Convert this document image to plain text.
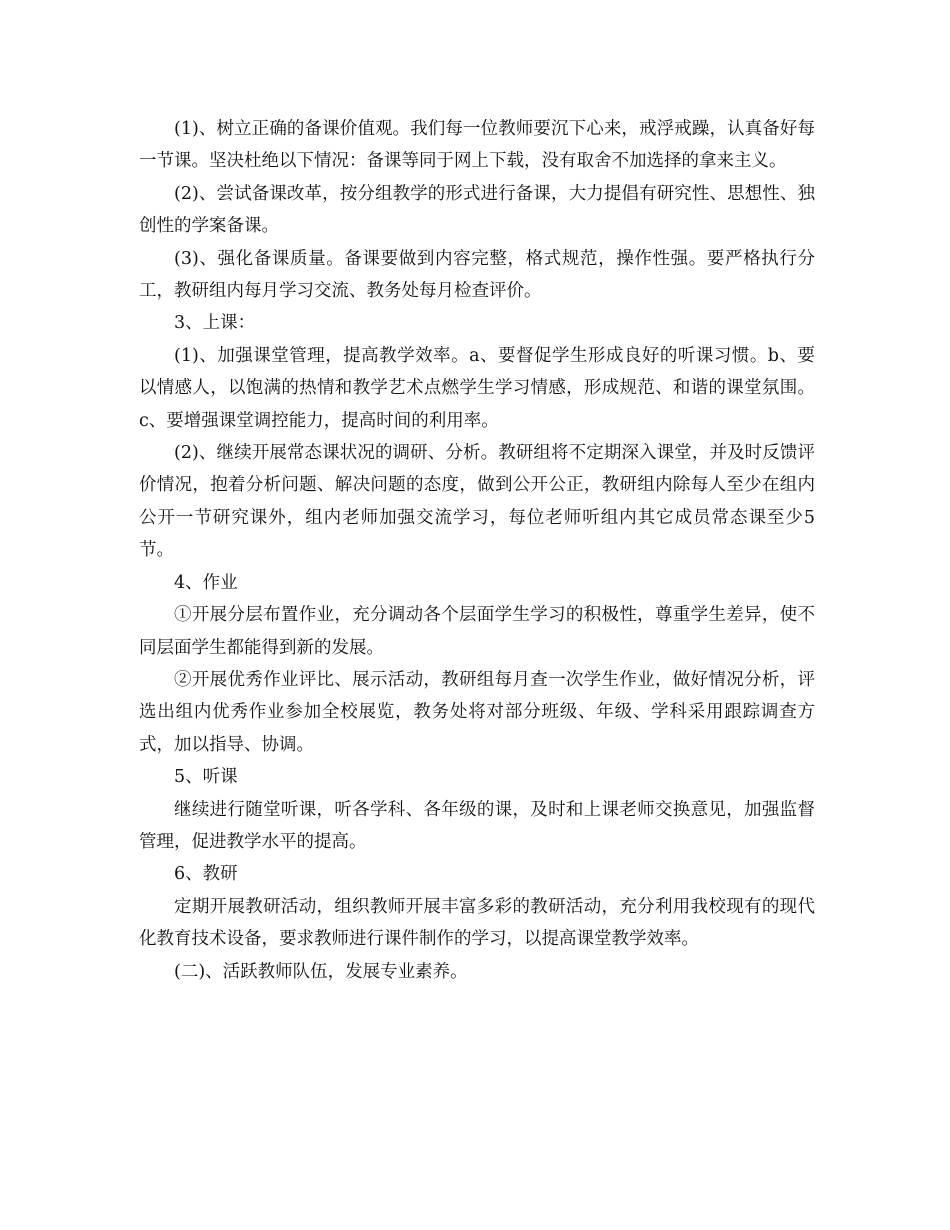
(1)、树立正确的备课价值观。我们每一位教师要沉下心来，戒浮戒躁，认真备好每一节课。坚决杜绝以下情况：备课等同于网上下载，没有取舍不加选择的拿来主义。

(2)、尝试备课改革，按分组教学的形式进行备课，大力提倡有研究性、思想性、独创性的学案备课。

(3)、强化备课质量。备课要做到内容完整，格式规范，操作性强。要严格执行分工，教研组内每月学习交流、教务处每月检查评价。

3、上课：

(1)、加强课堂管理，提高教学效率。a、要督促学生形成良好的听课习惯。b、要以情感人，以饱满的热情和教学艺术点燃学生学习情感，形成规范、和谐的课堂氛围。c、要增强课堂调控能力，提高时间的利用率。

(2)、继续开展常态课状况的调研、分析。教研组将不定期深入课堂，并及时反馈评价情况，抱着分析问题、解决问题的态度，做到公开公正，教研组内除每人至少在组内公开一节研究课外，组内老师加强交流学习，每位老师听组内其它成员常态课至少5节。

4、作业

①开展分层布置作业，充分调动各个层面学生学习的积极性，尊重学生差异，使不同层面学生都能得到新的发展。

②开展优秀作业评比、展示活动，教研组每月查一次学生作业，做好情况分析，评选出组内优秀作业参加全校展览，教务处将对部分班级、年级、学科采用跟踪调查方式，加以指导、协调。

5、听课

继续进行随堂听课，听各学科、各年级的课，及时和上课老师交换意见，加强监督管理，促进教学水平的提高。

6、教研

定期开展教研活动，组织教师开展丰富多彩的教研活动，充分利用我校现有的现代化教育技术设备，要求教师进行课件制作的学习，以提高课堂教学效率。

(二)、活跃教师队伍，发展专业素养。
